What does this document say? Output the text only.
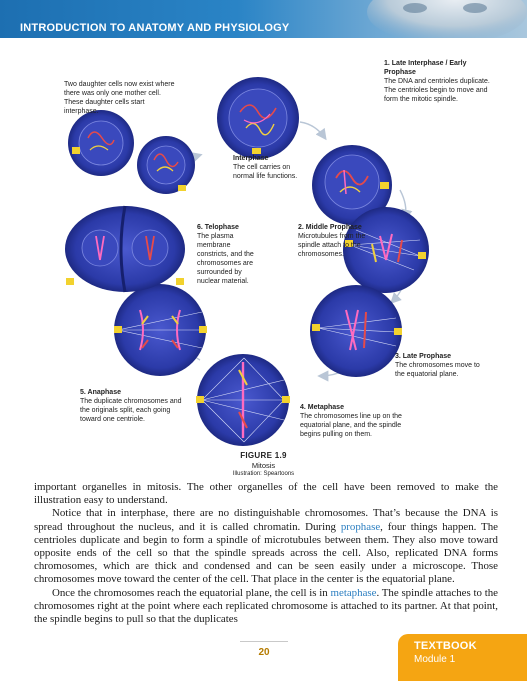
INTRODUCTION TO ANATOMY AND PHYSIOLOGY
Two daughter cells now exist where there was only one mother cell. These daughter cells start interphase.
1. Late Interphase / Early Prophase
The DNA and centrioles duplicate. The centrioles begin to move and form the mitotic spindle.
Interphase
The cell carries on normal life functions.
6. Telophase
The plasma membrane constricts, and the chromosomes are surrounded by nuclear material.
2. Middle Prophase
Microtubules from the spindle attach to the chromosomes.
3. Late Prophase
The chromosomes move to the equatorial plane.
5. Anaphase
The duplicate chromosomes and the originals split, each going toward one centriole.
4. Metaphase
The chromosomes line up on the equatorial plane, and the spindle begins pulling on them.
FIGURE 1.9
Mitosis
Illustration: Speartoons

important organelles in mitosis. The other organelles of the cell have been removed to make the illustration easy to understand.

Notice that in interphase, there are no distinguishable chromosomes. That’s because the DNA is spread throughout the nucleus, and it is called chromatin. During prophase, four things happen. The centrioles duplicate and begin to form a spindle of microtubules between them. They also move toward opposite ends of the cell so that the spindle spreads across the cell. Also, replicated DNA forms chromosomes, which are thick and condensed and can be seen easily under a microscope. Those chromosomes move toward the center of the cell. That place in the center is the equatorial plane.

Once the chromosomes reach the equatorial plane, the cell is in metaphase. The spindle attaches to the chromosomes right at the point where each replicated chromosome is attached to its partner. At that point, the spindle begins to pull so that the duplicates

20
TEXTBOOK
Module 1
